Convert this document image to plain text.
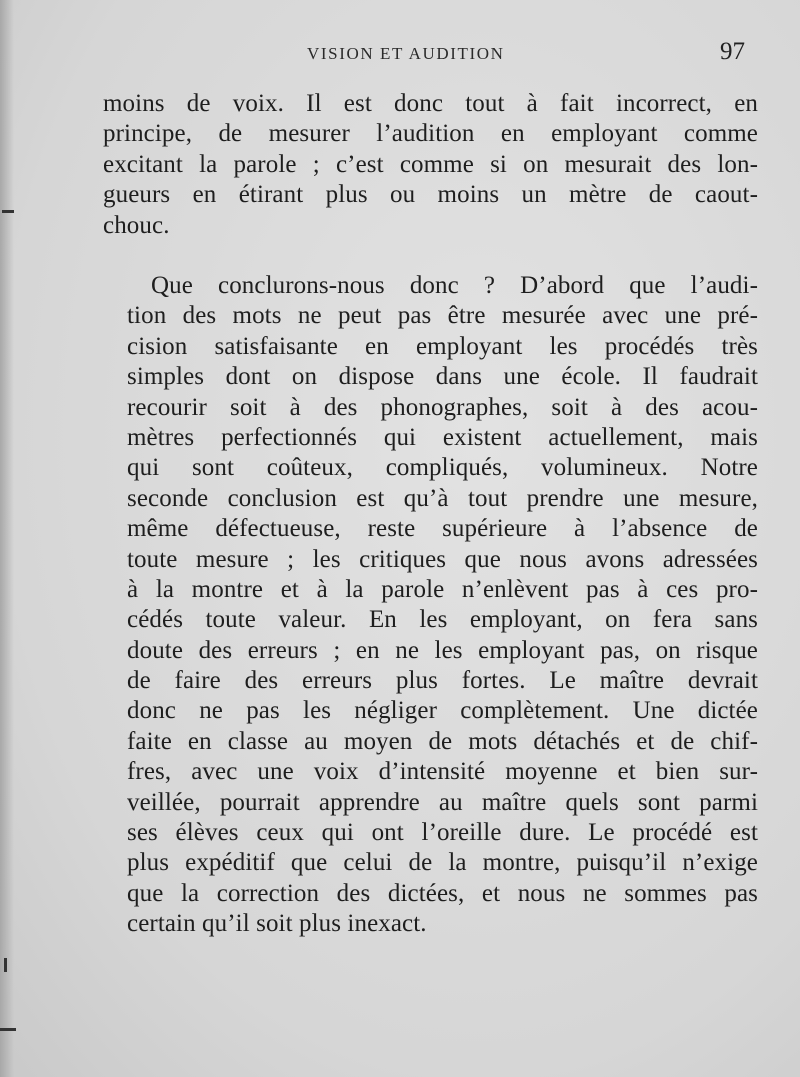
VISION ET AUDITION	97
moins de voix. Il est donc tout à fait incorrect, en
principe, de mesurer l’audition en employant comme
excitant la parole ; c’est comme si on mesurait des lon-
gueurs en étirant plus ou moins un mètre de caout-
chouc.
Que conclurons-nous donc ? D’abord que l’audi-
tion des mots ne peut pas être mesurée avec une pré-
cision satisfaisante en employant les procédés très
simples dont on dispose dans une école. Il faudrait
recourir soit à des phonographes, soit à des acou-
mètres perfectionnés qui existent actuellement, mais
qui sont coûteux, compliqués, volumineux. Notre
seconde conclusion est qu’à tout prendre une mesure,
même défectueuse, reste supérieure à l’absence de
toute mesure ; les critiques que nous avons adressées
à la montre et à la parole n’enlèvent pas à ces pro-
cédés toute valeur. En les employant, on fera sans
doute des erreurs ; en ne les employant pas, on risque
de faire des erreurs plus fortes. Le maître devrait
donc ne pas les négliger complètement. Une dictée
faite en classe au moyen de mots détachés et de chif-
fres, avec une voix d’intensité moyenne et bien sur-
veillée, pourrait apprendre au maître quels sont parmi
ses élèves ceux qui ont l’oreille dure. Le procédé est
plus expéditif que celui de la montre, puisqu’il n’exige
que la correction des dictées, et nous ne sommes pas
certain qu’il soit plus inexact.
